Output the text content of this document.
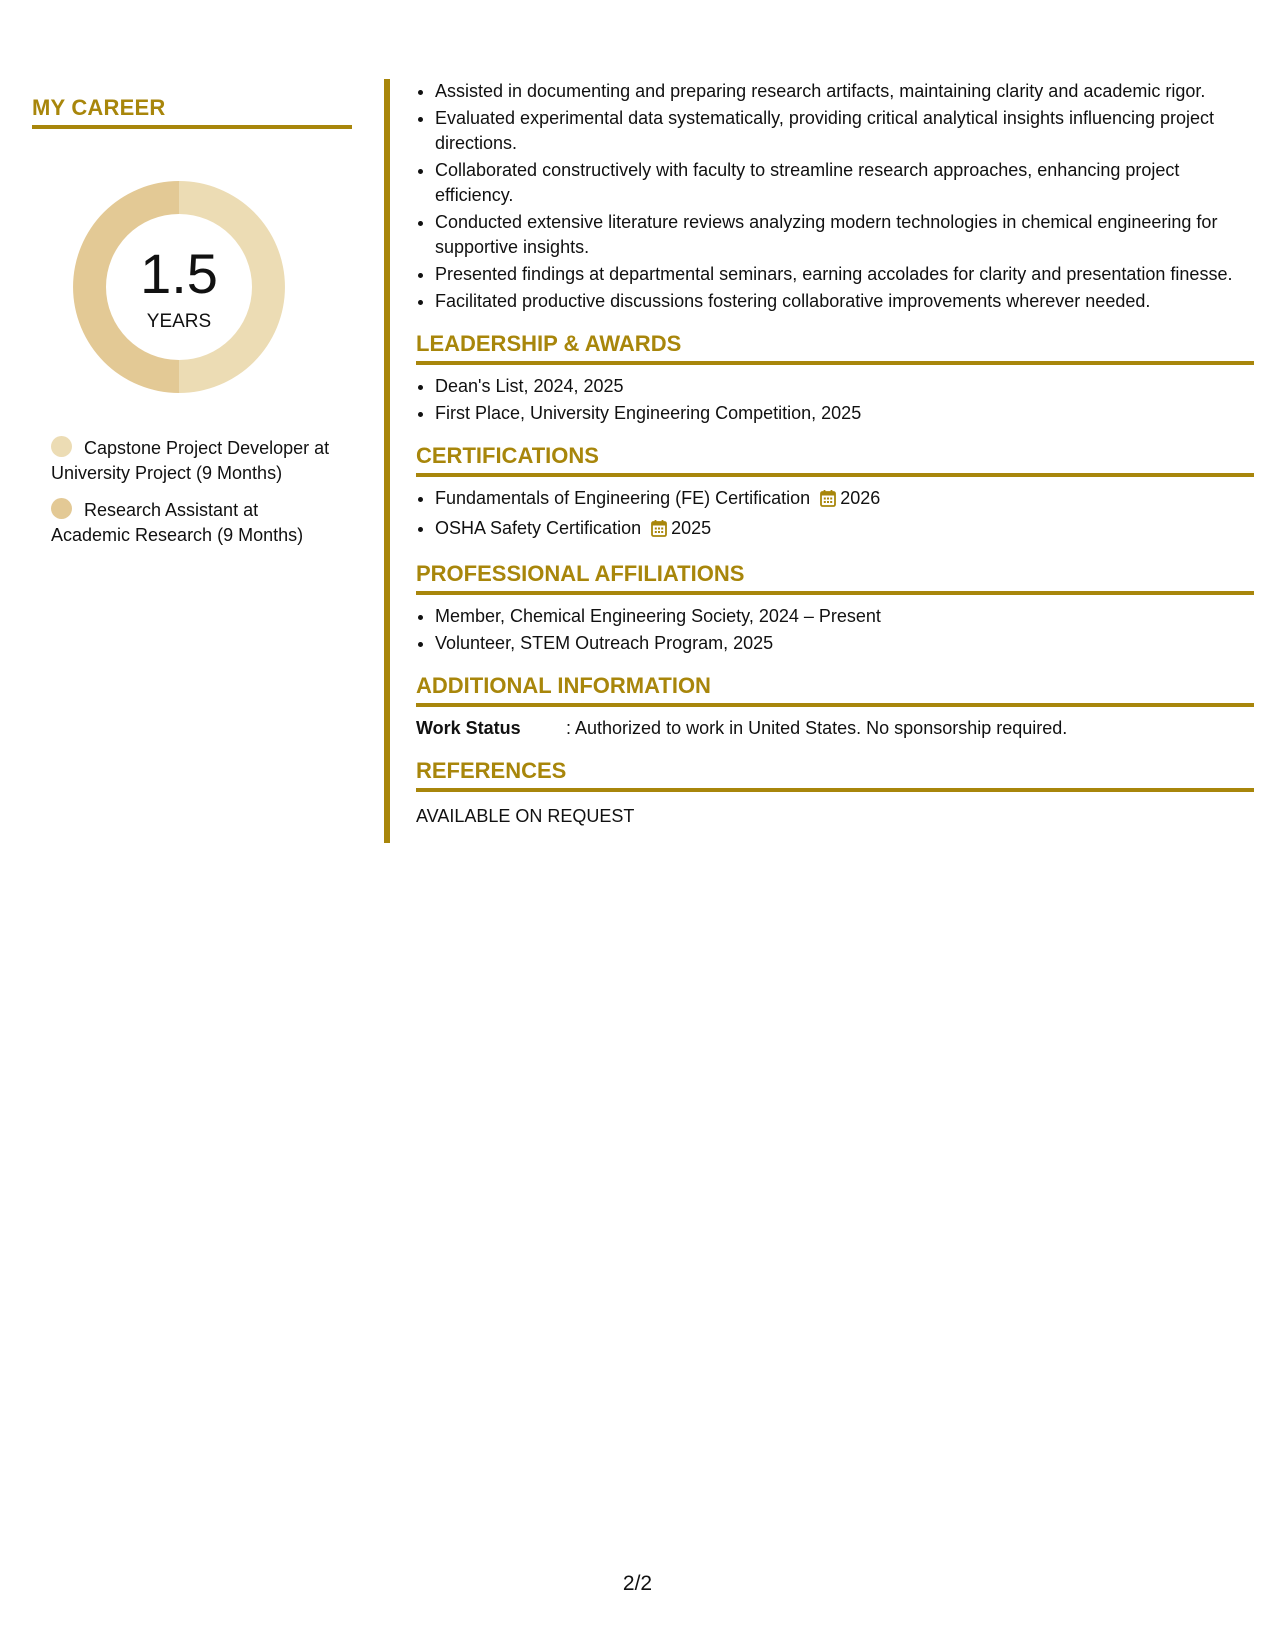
MY CAREER
1.5
YEARS
Capstone Project Developer at University Project (9 Months)
Research Assistant at Academic Research (9 Months)
• Assisted in documenting and preparing research artifacts, maintaining clarity and academic rigor.
• Evaluated experimental data systematically, providing critical analytical insights influencing project directions.
• Collaborated constructively with faculty to streamline research approaches, enhancing project efficiency.
• Conducted extensive literature reviews analyzing modern technologies in chemical engineering for supportive insights.
• Presented findings at departmental seminars, earning accolades for clarity and presentation finesse.
• Facilitated productive discussions fostering collaborative improvements wherever needed.
LEADERSHIP & AWARDS
• Dean's List, 2024, 2025
• First Place, University Engineering Competition, 2025
CERTIFICATIONS
• Fundamentals of Engineering (FE) Certification 2026
• OSHA Safety Certification 2025
PROFESSIONAL AFFILIATIONS
• Member, Chemical Engineering Society, 2024 – Present
• Volunteer, STEM Outreach Program, 2025
ADDITIONAL INFORMATION
Work Status	: Authorized to work in United States. No sponsorship required.
REFERENCES
AVAILABLE ON REQUEST
2/2
